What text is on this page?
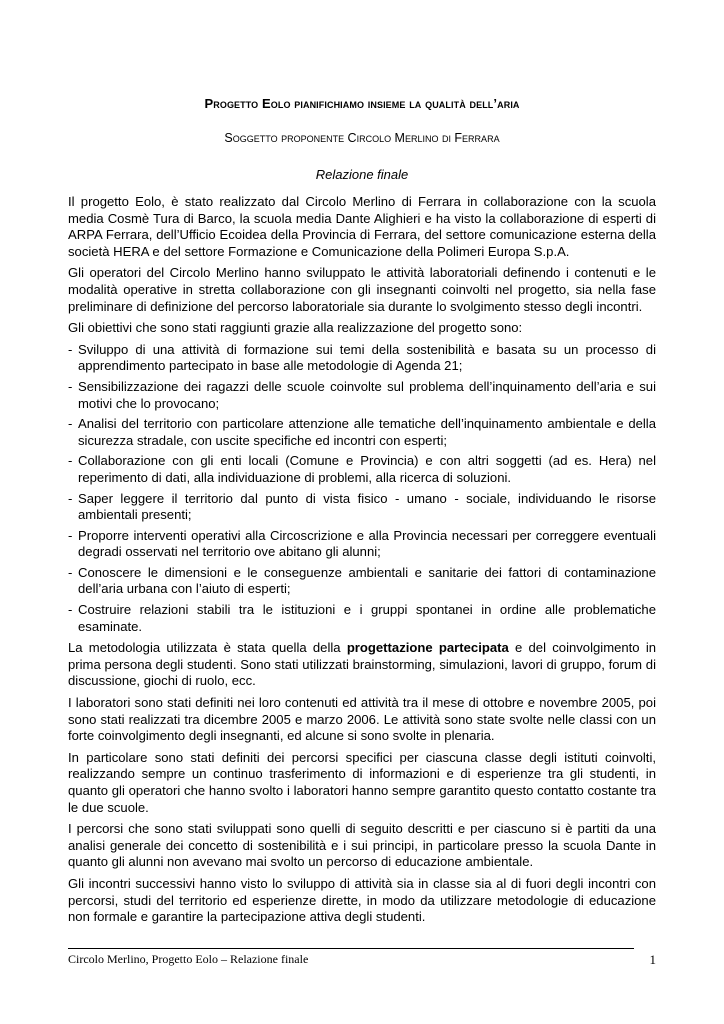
Progetto Eolo pianifichiamo insieme la qualità dell’aria
Soggetto proponente Circolo Merlino di Ferrara
Relazione finale

Il progetto Eolo, è stato realizzato dal Circolo Merlino di Ferrara in collaborazione con la scuola media Cosmè Tura di Barco, la scuola media Dante Alighieri e ha visto la collaborazione di esperti di ARPA Ferrara, dell’Ufficio Ecoidea della Provincia di Ferrara, del settore comunicazione esterna della società HERA e del settore Formazione e Comunicazione della Polimeri Europa S.p.A.

Gli operatori del Circolo Merlino hanno sviluppato le attività laboratoriali definendo i contenuti e le modalità operative in stretta collaborazione con gli insegnanti coinvolti nel progetto, sia nella fase preliminare di definizione del percorso laboratoriale sia durante lo svolgimento stesso degli incontri.

Gli obiettivi che sono stati raggiunti grazie alla realizzazione del progetto sono:

- Sviluppo di una attività di formazione sui temi della sostenibilità e basata su un processo di apprendimento partecipato in base alle metodologie di Agenda 21;
- Sensibilizzazione dei ragazzi delle scuole coinvolte sul problema dell’inquinamento dell’aria e sui motivi che lo provocano;
- Analisi del territorio con particolare attenzione alle tematiche dell’inquinamento ambientale e della sicurezza stradale, con uscite specifiche ed incontri con esperti;
- Collaborazione con gli enti locali (Comune e Provincia) e con altri soggetti (ad es. Hera) nel reperimento di dati, alla individuazione di problemi, alla ricerca di soluzioni.
- Saper leggere il territorio dal punto di vista fisico - umano - sociale, individuando le risorse ambientali presenti;
- Proporre interventi operativi alla Circoscrizione e alla Provincia necessari per correggere eventuali degradi osservati nel territorio ove abitano gli alunni;
- Conoscere le dimensioni e le conseguenze ambientali e sanitarie dei fattori di contaminazione dell’aria urbana con l’aiuto di esperti;
- Costruire relazioni stabili tra le istituzioni e i gruppi spontanei in ordine alle problematiche esaminate.

La metodologia utilizzata è stata quella della progettazione partecipata e del coinvolgimento in prima persona degli studenti. Sono stati utilizzati brainstorming, simulazioni, lavori di gruppo, forum di discussione, giochi di ruolo, ecc.

I laboratori sono stati definiti nei loro contenuti ed attività tra il mese di ottobre e novembre 2005, poi sono stati realizzati tra dicembre 2005 e marzo 2006. Le attività sono state svolte nelle classi con un forte coinvolgimento degli insegnanti, ed alcune si sono svolte in plenaria.

In particolare sono stati definiti dei percorsi specifici per ciascuna classe degli istituti coinvolti, realizzando sempre un continuo trasferimento di informazioni e di esperienze tra gli studenti, in quanto gli operatori che hanno svolto i laboratori hanno sempre garantito questo contatto costante tra le due scuole.

I percorsi che sono stati sviluppati sono quelli di seguito descritti e per ciascuno si è partiti da una analisi generale dei concetto di sostenibilità e i sui principi, in particolare presso la scuola Dante in quanto gli alunni non avevano mai svolto un percorso di educazione ambientale.

Gli incontri successivi hanno visto lo sviluppo di attività sia in classe sia al di fuori degli incontri con percorsi, studi del territorio ed esperienze dirette, in modo da utilizzare metodologie di educazione non formale e garantire la partecipazione attiva degli studenti.

Circolo Merlino, Progetto Eolo – Relazione finale	1
